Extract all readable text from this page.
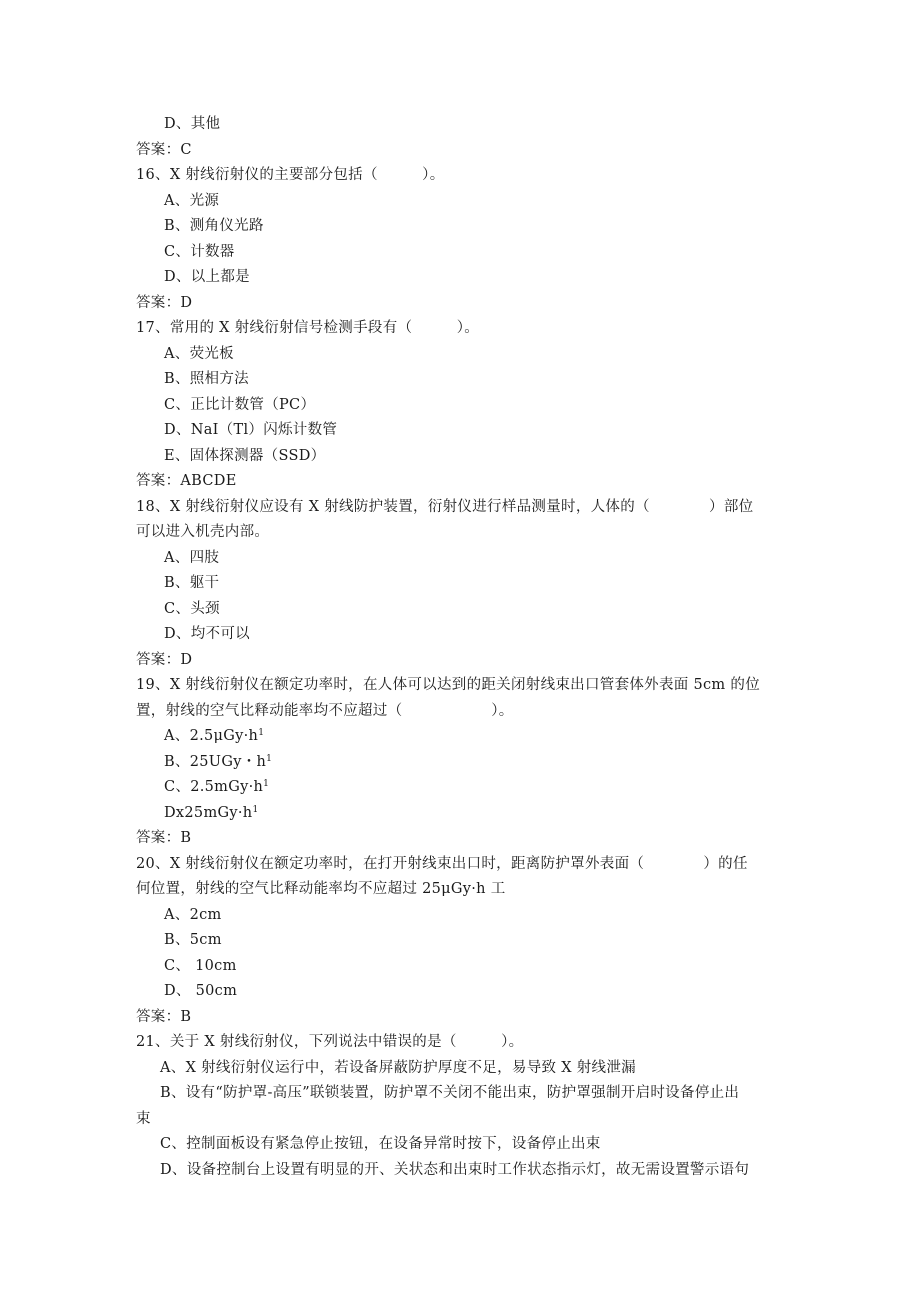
D、其他
答案：C
16、X 射线衍射仪的主要部分包括（　　　）。
A、光源
B、测角仪光路
C、计数器
D、以上都是
答案：D
17、常用的 X 射线衍射信号检测手段有（　　　）。
A、荧光板
B、照相方法
C、正比计数管（PC）
D、NaI（Tl）闪烁计数管
E、固体探测器（SSD）
答案：ABCDE
18、X 射线衍射仪应设有 X 射线防护装置，衍射仪进行样品测量时，人体的（　　　　）部位
可以进入机壳内部。
A、四肢
B、躯干
C、头颈
D、均不可以
答案：D
19、X 射线衍射仪在额定功率时，在人体可以达到的距关闭射线束出口管套体外表面 5cm 的位
置，射线的空气比释动能率均不应超过（　　　　　　）。
A、$2.5\mu Gy\cdot h^1$
B、25UGy・$h^1$
C、$2.5mGy\cdot h^1$
$Dx25mGy\cdot h^1$
答案：B
20、X 射线衍射仪在额定功率时，在打开射线束出口时，距离防护罩外表面（　　　　）的任
何位置，射线的空气比释动能率均不应超过 25μGy·h 工
A、2cm
B、5cm
C、 10cm
D、 50cm
答案：B
21、关于 X 射线衍射仪，下列说法中错误的是（　　　）。
A、X 射线衍射仪运行中，若设备屏蔽防护厚度不足，易导致 X 射线泄漏
B、设有“防护罩-高压”联锁装置，防护罩不关闭不能出束，防护罩强制开启时设备停止出
束
C、控制面板设有紧急停止按钮，在设备异常时按下，设备停止出束
D、设备控制台上设置有明显的开、关状态和出束时工作状态指示灯，故无需设置警示语句
